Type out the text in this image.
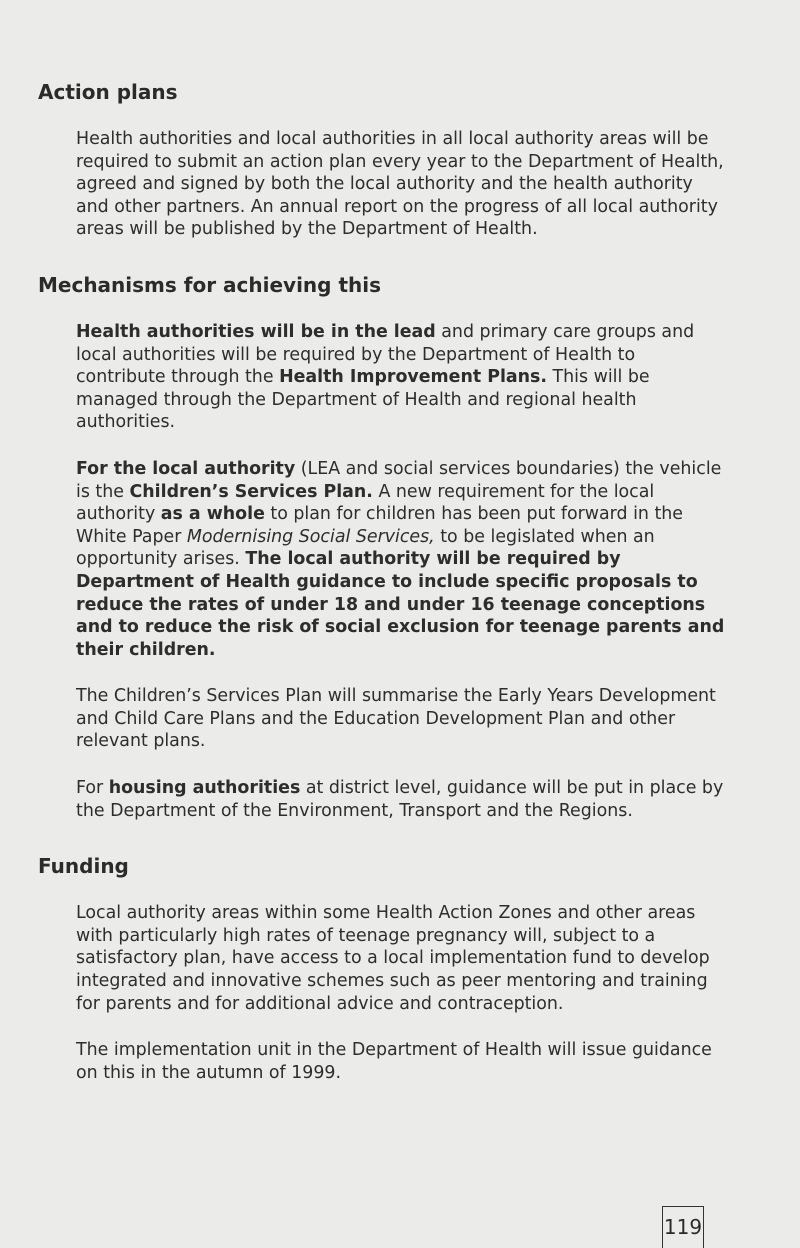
Action plans

Health authorities and local authorities in all local authority areas will be required to submit an action plan every year to the Department of Health, agreed and signed by both the local authority and the health authority and other partners. An annual report on the progress of all local authority areas will be published by the Department of Health.

Mechanisms for achieving this

Health authorities will be in the lead and primary care groups and local authorities will be required by the Department of Health to contribute through the Health Improvement Plans. This will be managed through the Department of Health and regional health authorities.

For the local authority (LEA and social services boundaries) the vehicle is the Children’s Services Plan. A new requirement for the local authority as a whole to plan for children has been put forward in the White Paper Modernising Social Services, to be legislated when an opportunity arises. The local authority will be required by Department of Health guidance to include specific proposals to reduce the rates of under 18 and under 16 teenage conceptions and to reduce the risk of social exclusion for teenage parents and their children.

The Children’s Services Plan will summarise the Early Years Development and Child Care Plans and the Education Development Plan and other relevant plans.

For housing authorities at district level, guidance will be put in place by the Department of the Environment, Transport and the Regions.

Funding

Local authority areas within some Health Action Zones and other areas with particularly high rates of teenage pregnancy will, subject to a satisfactory plan, have access to a local implementation fund to develop integrated and innovative schemes such as peer mentoring and training for parents and for additional advice and contraception.

The implementation unit in the Department of Health will issue guidance on this in the autumn of 1999.

119
